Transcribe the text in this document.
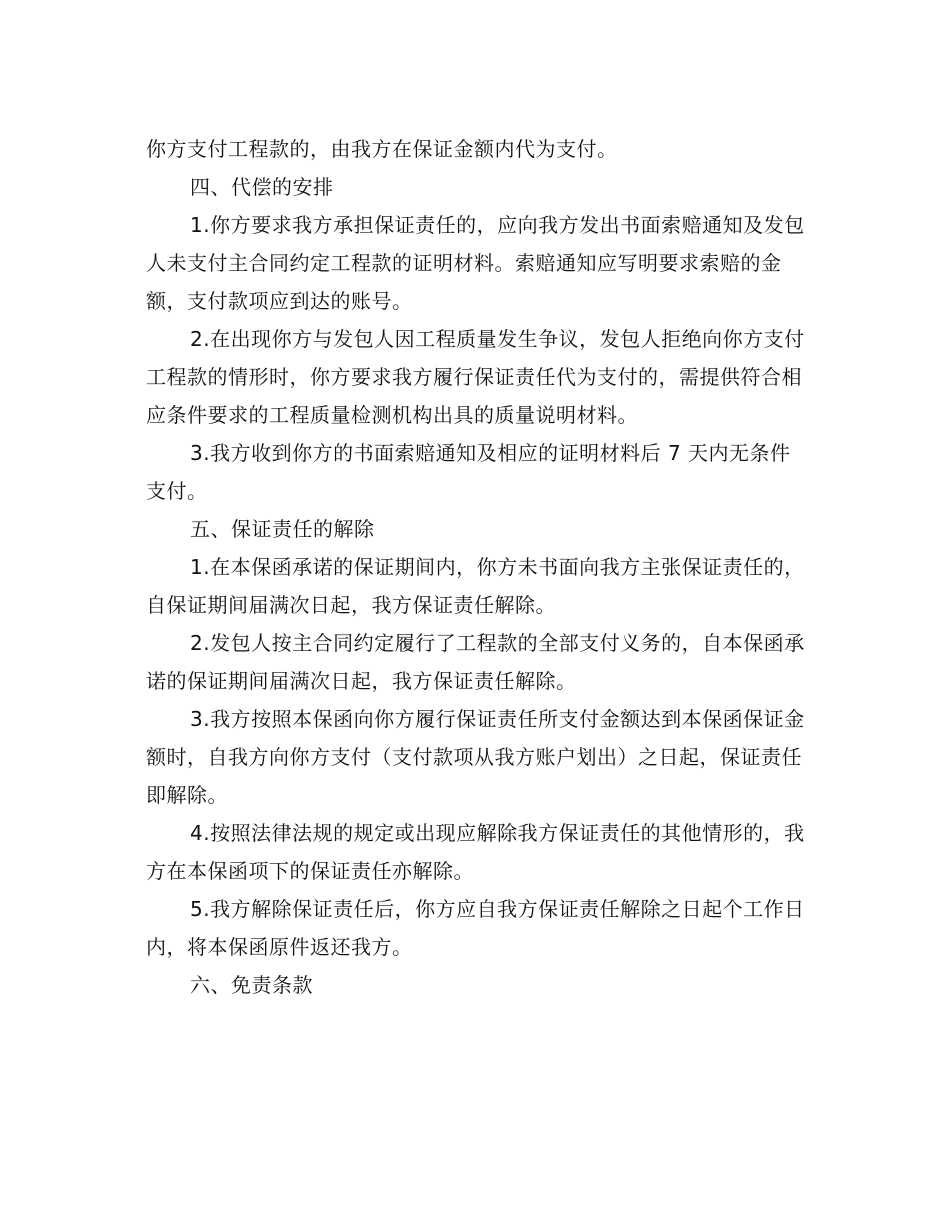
你方支付工程款的，由我方在保证金额内代为支付。

四、代偿的安排

1.你方要求我方承担保证责任的，应向我方发出书面索赔通知及发包人未支付主合同约定工程款的证明材料。索赔通知应写明要求索赔的金额，支付款项应到达的账号。

2.在出现你方与发包人因工程质量发生争议，发包人拒绝向你方支付工程款的情形时，你方要求我方履行保证责任代为支付的，需提供符合相应条件要求的工程质量检测机构出具的质量说明材料。

3.我方收到你方的书面索赔通知及相应的证明材料后 7 天内无条件支付。

五、保证责任的解除

1.在本保函承诺的保证期间内，你方未书面向我方主张保证责任的，自保证期间届满次日起，我方保证责任解除。

2.发包人按主合同约定履行了工程款的全部支付义务的，自本保函承诺的保证期间届满次日起，我方保证责任解除。

3.我方按照本保函向你方履行保证责任所支付金额达到本保函保证金额时，自我方向你方支付（支付款项从我方账户划出）之日起，保证责任即解除。

4.按照法律法规的规定或出现应解除我方保证责任的其他情形的，我方在本保函项下的保证责任亦解除。

5.我方解除保证责任后，你方应自我方保证责任解除之日起个工作日内，将本保函原件返还我方。

六、免责条款
